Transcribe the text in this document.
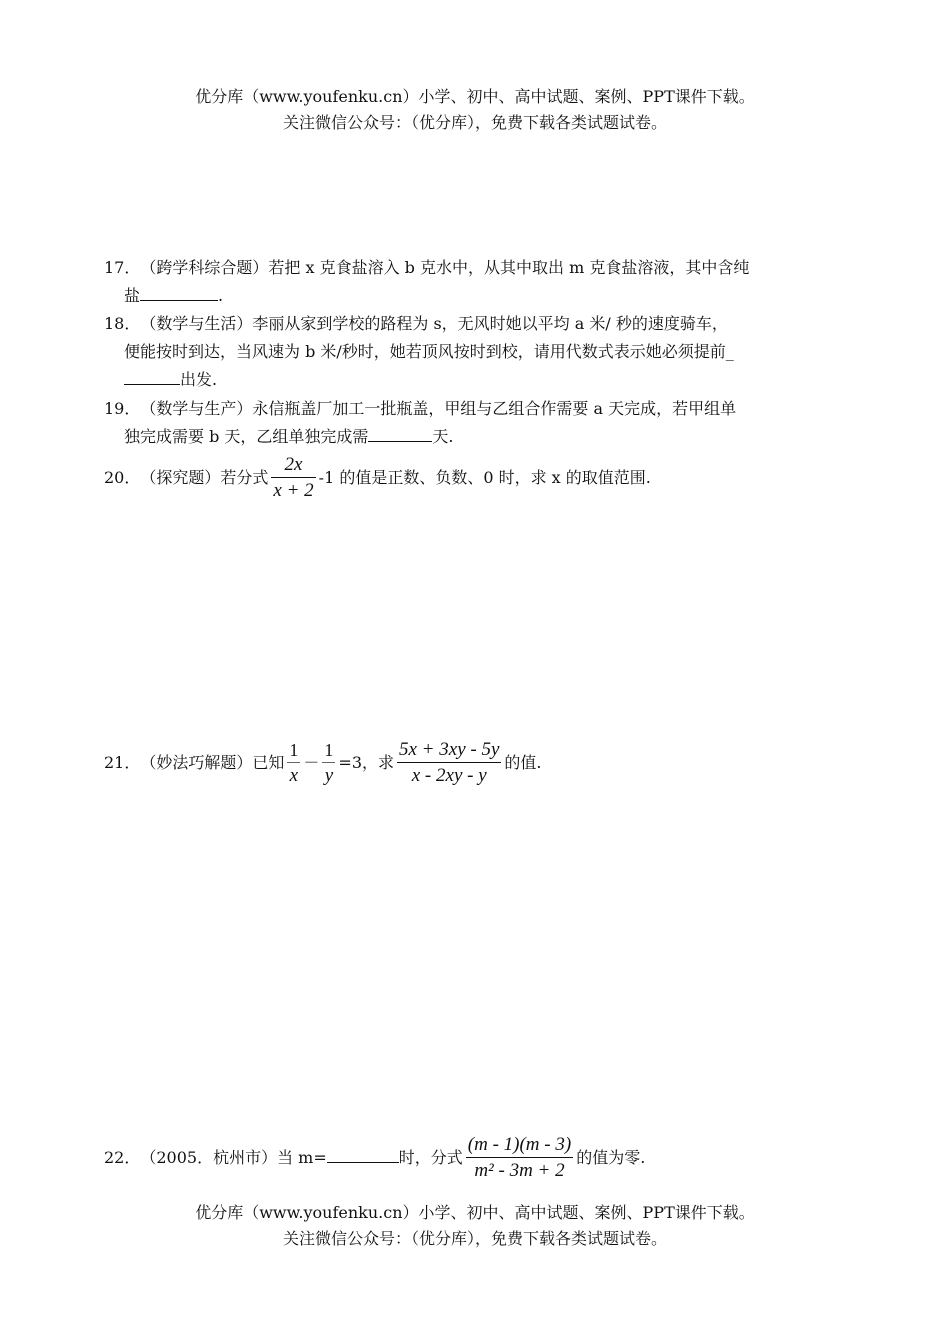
优分库（www.youfenku.cn）小学、初中、高中试题、案例、PPT课件下载。
关注微信公众号：（优分库），免费下载各类试题试卷。
17．（跨学科综合题）若把 x 克食盐溶入 b 克水中，从其中取出 m 克食盐溶液，其中含纯
盐	.
18．（数学与生活）李丽从家到学校的路程为 s，无风时她以平均 a 米/ 秒的速度骑车，
便能按时到达，当风速为 b 米/秒时，她若顶风按时到校，请用代数式表示她必须提前_
出发.
19．（数学与生产）永信瓶盖厂加工一批瓶盖，甲组与乙组合作需要 a 天完成，若甲组单
独完成需要 b 天，乙组单独完成需	天.
20．（探究题）若分式 $\frac{2x}{x + 2} -1$ 的值是正数、负数、0 时，求 x 的取值范围.
21．（妙法巧解题）已知 $\frac{1}{x} - \frac{1}{y} =3$，求 $\frac{5x + 3xy - 5y}{x - 2xy - y}$ 的值.
22．（2005．杭州市）当 m=	时，分式 $\frac{(m - 1)(m - 3)}{\text{m² - 3m + 2}}$ 的值为零.
优分库（www.youfenku.cn）小学、初中、高中试题、案例、PPT课件下载。
关注微信公众号：（优分库），免费下载各类试题试卷。
